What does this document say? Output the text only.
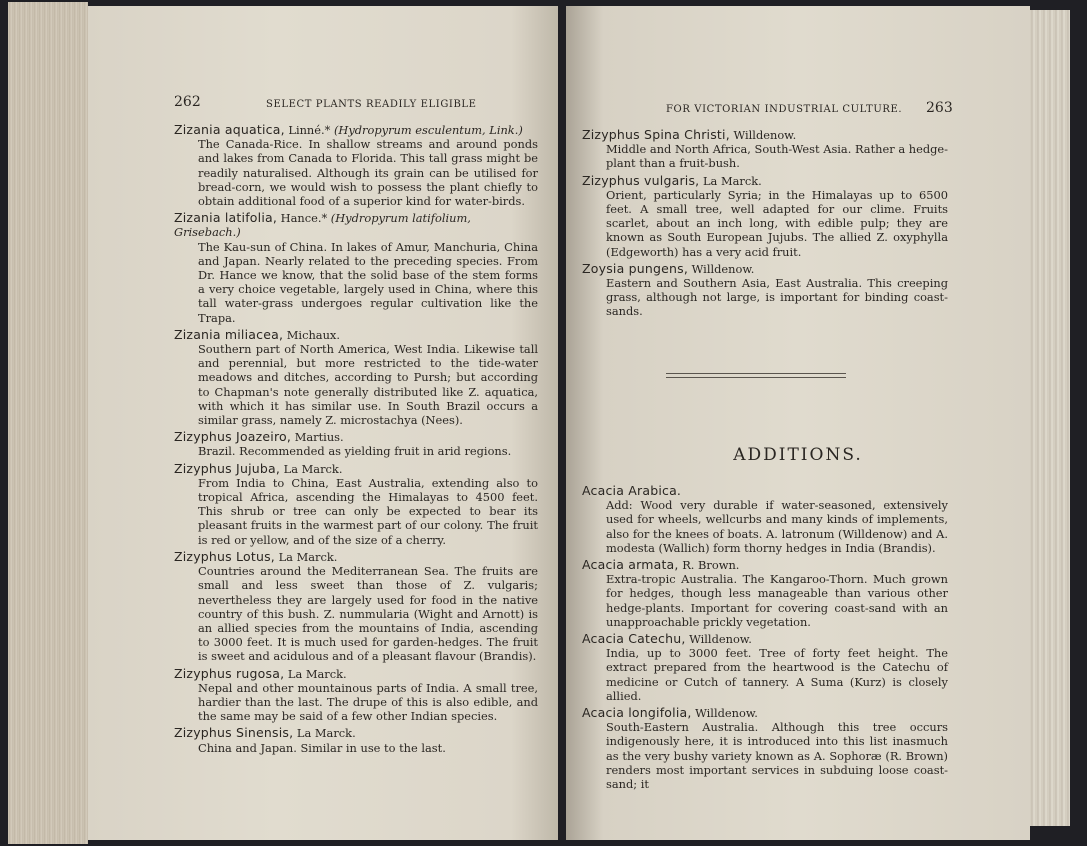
262	SELECT PLANTS READILY ELIGIBLE

Zizania aquatica, Linné.* (Hydropyrum esculentum, Link.)

The Canada-Rice. In shallow streams and around ponds and lakes from Canada to Florida. This tall grass might be readily naturalised. Although its grain can be utilised for bread-corn, we would wish to possess the plant chiefly to obtain additional food of a superior kind for water-birds.

Zizania latifolia, Hance.* (Hydropyrum latifolium, Grisebach.)

The Kau-sun of China. In lakes of Amur, Manchuria, China and Japan. Nearly related to the preceding species. From Dr. Hance we know, that the solid base of the stem forms a very choice vegetable, largely used in China, where this tall water-grass undergoes regular cultivation like the Trapa.

Zizania miliacea, Michaux.

Southern part of North America, West India. Likewise tall and perennial, but more restricted to the tide-water meadows and ditches, according to Pursh; but according to Chapman's note generally distributed like Z. aquatica, with which it has similar use. In South Brazil occurs a similar grass, namely Z. microstachya (Nees).

Zizyphus Joazeiro, Martius.

Brazil. Recommended as yielding fruit in arid regions.

Zizyphus Jujuba, La Marck.

From India to China, East Australia, extending also to tropical Africa, ascending the Himalayas to 4500 feet. This shrub or tree can only be expected to bear its pleasant fruits in the warmest part of our colony. The fruit is red or yellow, and of the size of a cherry.

Zizyphus Lotus, La Marck.

Countries around the Mediterranean Sea. The fruits are small and less sweet than those of Z. vulgaris; nevertheless they are largely used for food in the native country of this bush. Z. nummularia (Wight and Arnott) is an allied species from the mountains of India, ascending to 3000 feet. It is much used for garden-hedges. The fruit is sweet and acidulous and of a pleasant flavour (Brandis).

Zizyphus rugosa, La Marck.

Nepal and other mountainous parts of India. A small tree, hardier than the last. The drupe of this is also edible, and the same may be said of a few other Indian species.

Zizyphus Sinensis, La Marck.

China and Japan. Similar in use to the last.

FOR VICTORIAN INDUSTRIAL CULTURE. 263

Zizyphus Spina Christi, Willdenow.

Middle and North Africa, South-West Asia. Rather a hedge-plant than a fruit-bush.

Zizyphus vulgaris, La Marck.

Orient, particularly Syria; in the Himalayas up to 6500 feet. A small tree, well adapted for our clime. Fruits scarlet, about an inch long, with edible pulp; they are known as South European Jujubs. The allied Z. oxyphylla (Edgeworth) has a very acid fruit.

Zoysia pungens, Willdenow.

Eastern and Southern Asia, East Australia. This creeping grass, although not large, is important for binding coast-sands.

ADDITIONS.

Acacia Arabica.

Add: Wood very durable if water-seasoned, extensively used for wheels, wellcurbs and many kinds of implements, also for the knees of boats. A. latronum (Willdenow) and A. modesta (Wallich) form thorny hedges in India (Brandis).

Acacia armata, R. Brown.

Extra-tropic Australia. The Kangaroo-Thorn. Much grown for hedges, though less manageable than various other hedge-plants. Important for covering coast-sand with an unapproachable prickly vegetation.

Acacia Catechu, Willdenow.

India, up to 3000 feet. Tree of forty feet height. The extract prepared from the heartwood is the Catechu of medicine or Cutch of tannery. A Suma (Kurz) is closely allied.

Acacia longifolia, Willdenow.

South-Eastern Australia. Although this tree occurs indigenously here, it is introduced into this list inasmuch as the very bushy variety known as A. Sophoræ (R. Brown) renders most important services in subduing loose coast-sand; it
